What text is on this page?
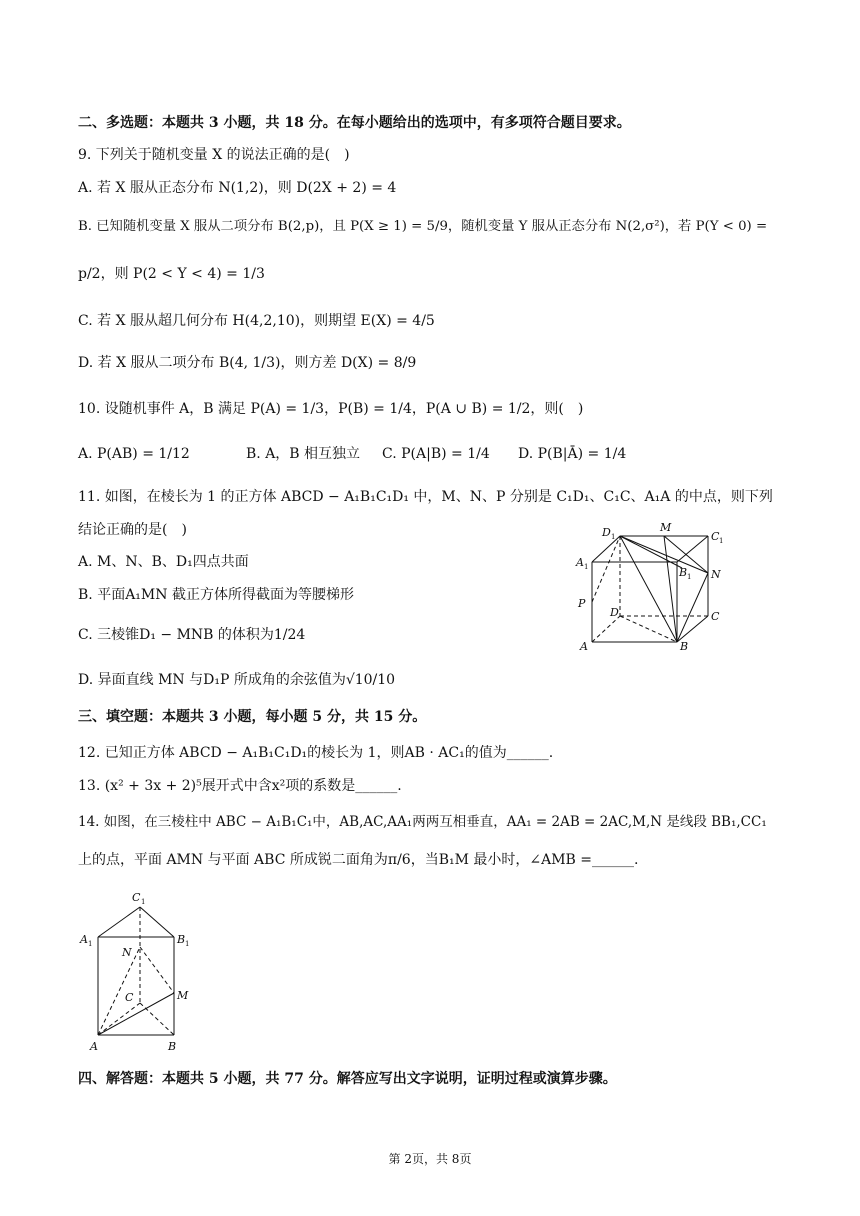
二、多选题：本题共 3 小题，共 18 分。在每小题给出的选项中，有多项符合题目要求。
9. 下列关于随机变量 X 的说法正确的是(　)
A. 若 X 服从正态分布 N(1,2)，则 D(2X + 2) = 4
B. 已知随机变量 X 服从二项分布 B(2,p)，且 P(X ≥ 1) = 5/9，随机变量 Y 服从正态分布 N(2,σ²)，若 P(Y < 0) =
p/2，则 P(2 < Y < 4) = 1/3
C. 若 X 服从超几何分布 H(4,2,10)，则期望 E(X) = 4/5
D. 若 X 服从二项分布 B(4, 1/3)，则方差 D(X) = 8/9
10. 设随机事件 A，B 满足 P(A) = 1/3，P(B) = 1/4，P(A ∪ B) = 1/2，则(　)
A. P(AB) = 1/12	B. A，B 相互独立 C. P(A|B) = 1/4 D. P(B|Ā) = 1/4
11. 如图，在棱长为 1 的正方体 ABCD − A₁B₁C₁D₁ 中，M、N、P 分别是 C₁D₁、C₁C、A₁A 的中点，则下列
结论正确的是(　)
A. M、N、B、D₁四点共面
B. 平面A₁MN 截正方体所得截面为等腰梯形
C. 三棱锥D₁ − MNB 的体积为1/24
D. 异面直线 MN 与D₁P 所成角的余弦值为√10/10
D 1
M
C 1
A 1	B 1 N
P
D	C
A	B
三、填空题：本题共 3 小题，每小题 5 分，共 15 分。
12. 已知正方体 ABCD − A₁B₁C₁D₁的棱长为 1，则AB · AC₁的值为______.
13. (x² + 3x + 2)⁵展开式中含x²项的系数是______.
14. 如图，在三棱柱中 ABC − A₁B₁C₁中，AB,AC,AA₁两两互相垂直，AA₁ = 2AB = 2AC,M,N 是线段 BB₁,CC₁
上的点，平面 AMN 与平面 ABC 所成锐二面角为π/6，当B₁M 最小时，∠AMB =______.
C 1
A 1	B 1
N
C	M
A	B
四、解答题：本题共 5 小题，共 77 分。解答应写出文字说明，证明过程或演算步骤。
第 2页，共 8页
